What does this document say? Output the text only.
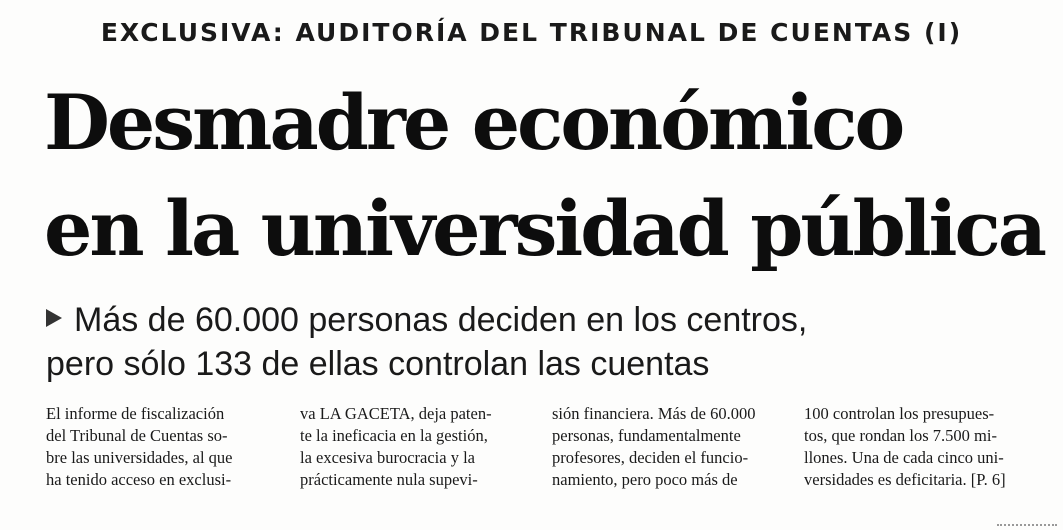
EXCLUSIVA: AUDITORÍA DEL TRIBUNAL DE CUENTAS (I)
Desmadre económico
en la universidad pública
Más de 60.000 personas deciden en los centros,
pero sólo 133 de ellas controlan las cuentas
El informe de fiscalización
del Tribunal de Cuentas so-
bre las universidades, al que
ha tenido acceso en exclusi-
va LA GACETA, deja paten-
te la ineficacia en la gestión,
la excesiva burocracia y la
prácticamente nula supevi-
sión financiera. Más de 60.000
personas, fundamentalmente
profesores, deciden el funcio-
namiento, pero poco más de
100 controlan los presupues-
tos, que rondan los 7.500 mi-
llones. Una de cada cinco uni-
versidades es deficitaria. [P. 6]
